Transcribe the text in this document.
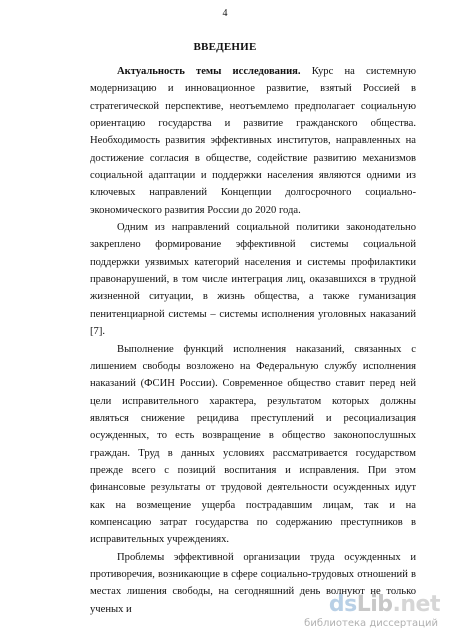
4
ВВЕДЕНИЕ

Актуальность темы исследования. Курс на системную модернизацию и инновационное развитие, взятый Россией в стратегической перспективе, неотъемлемо предполагает социальную ориентацию государства и развитие гражданского общества. Необходимость развития эффективных институтов, направленных на достижение согласия в обществе, содействие развитию механизмов социальной адаптации и поддержки населения являются одними из ключевых направлений Концепции долгосрочного социально-экономического развития России до 2020 года.

Одним из направлений социальной политики законодательно закреплено формирование эффективной системы социальной поддержки уязвимых категорий населения и системы профилактики правонарушений, в том числе интеграция лиц, оказавшихся в трудной жизненной ситуации, в жизнь общества, а также гуманизация пенитенциарной системы – системы исполнения уголовных наказаний [7].

Выполнение функций исполнения наказаний, связанных с лишением свободы возложено на Федеральную службу исполнения наказаний (ФСИН России). Современное общество ставит перед ней цели исправительного характера, результатом которых должны являться снижение рецидива преступлений и ресоциализация осужденных, то есть возвращение в общество законопослушных граждан. Труд в данных условиях рассматривается государством прежде всего с позиций воспитания и исправления. При этом финансовые результаты от трудовой деятельности осужденных идут как на возмещение ущерба пострадавшим лицам, так и на компенсацию затрат государства по содержанию преступников в исправительных учреждениях.

Проблемы эффективной организации труда осужденных и противоречия, возникающие в сфере социально-трудовых отношений в местах лишения свободы, на сегодняшний день волнуют не только ученых и	dsLib.net
библиотека диссертаций
